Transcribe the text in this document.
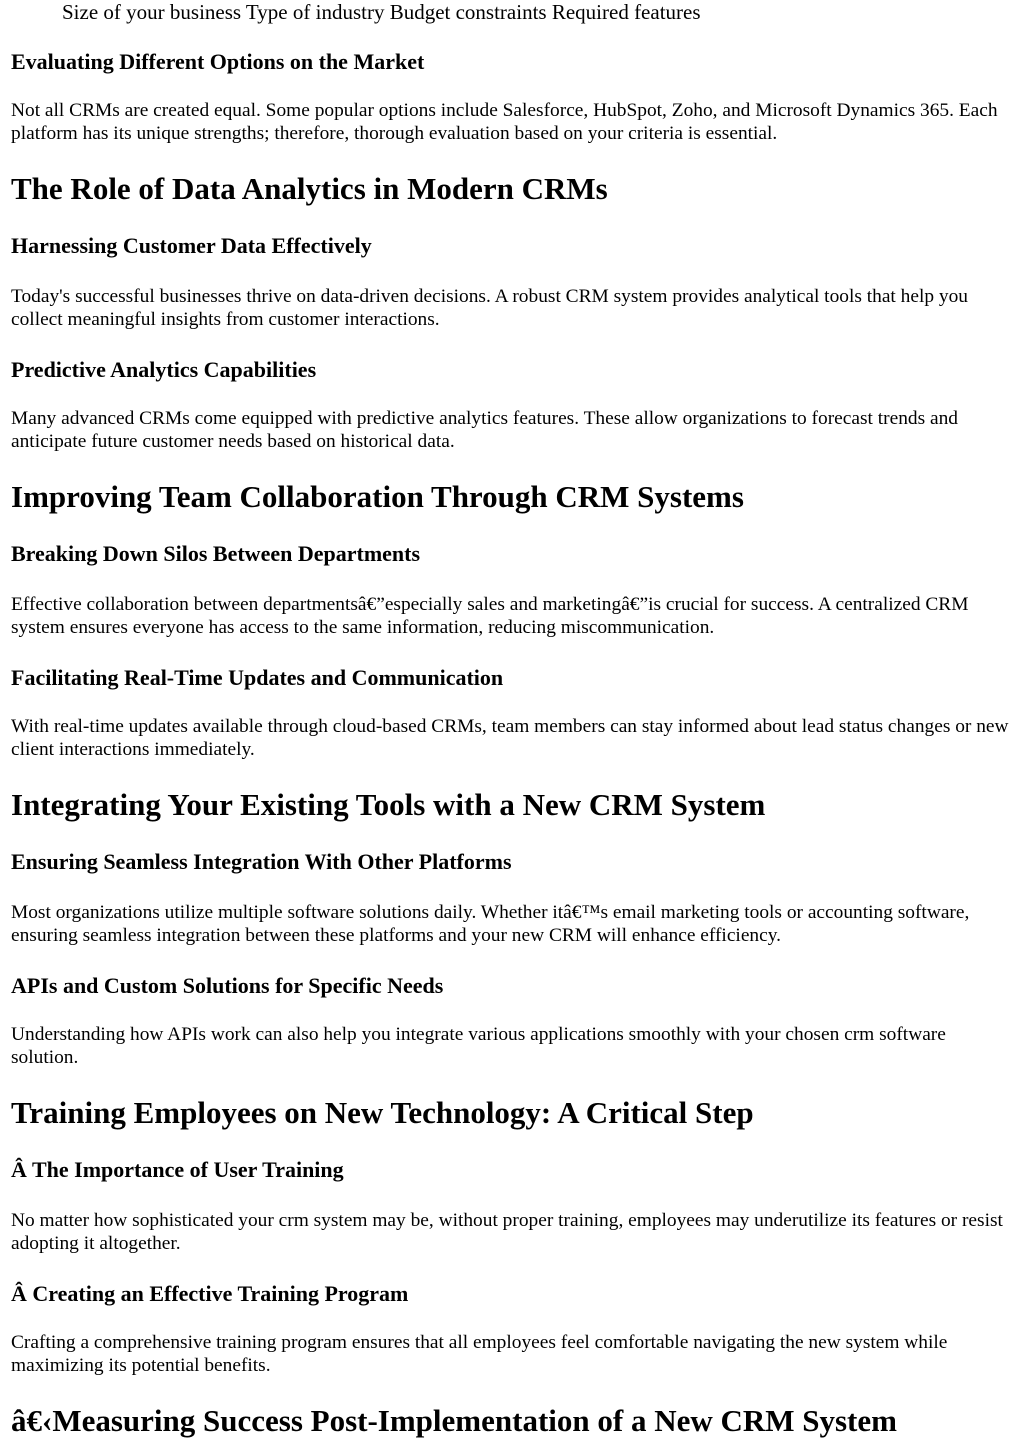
Size of your business Type of industry Budget constraints Required features
Evaluating Different Options on the Market

Not all CRMs are created equal. Some popular options include Salesforce, HubSpot, Zoho, and Microsoft Dynamics 365. Each platform has its unique strengths; therefore, thorough evaluation based on your criteria is essential.

The Role of Data Analytics in Modern CRMs
Harnessing Customer Data Effectively

Today's successful businesses thrive on data-driven decisions. A robust CRM system provides analytical tools that help you collect meaningful insights from customer interactions.

Predictive Analytics Capabilities

Many advanced CRMs come equipped with predictive analytics features. These allow organizations to forecast trends and anticipate future customer needs based on historical data.

Improving Team Collaboration Through CRM Systems
Breaking Down Silos Between Departments

Effective collaboration between departmentsâ€”especially sales and marketingâ€”is crucial for success. A centralized CRM system ensures everyone has access to the same information, reducing miscommunication.

Facilitating Real-Time Updates and Communication

With real-time updates available through cloud-based CRMs, team members can stay informed about lead status changes or new client interactions immediately.

Integrating Your Existing Tools with a New CRM System
Ensuring Seamless Integration With Other Platforms

Most organizations utilize multiple software solutions daily. Whether itâ€™s email marketing tools or accounting software, ensuring seamless integration between these platforms and your new CRM will enhance efficiency.

APIs and Custom Solutions for Specific Needs

Understanding how APIs work can also help you integrate various applications smoothly with your chosen crm software solution.

Training Employees on New Technology: A Critical Step
Â The Importance of User Training

No matter how sophisticated your crm system may be, without proper training, employees may underutilize its features or resist adopting it altogether.

Â Creating an Effective Training Program

Crafting a comprehensive training program ensures that all employees feel comfortable navigating the new system while maximizing its potential benefits.

â€‹Measuring Success Post-Implementation of a New CRM System
